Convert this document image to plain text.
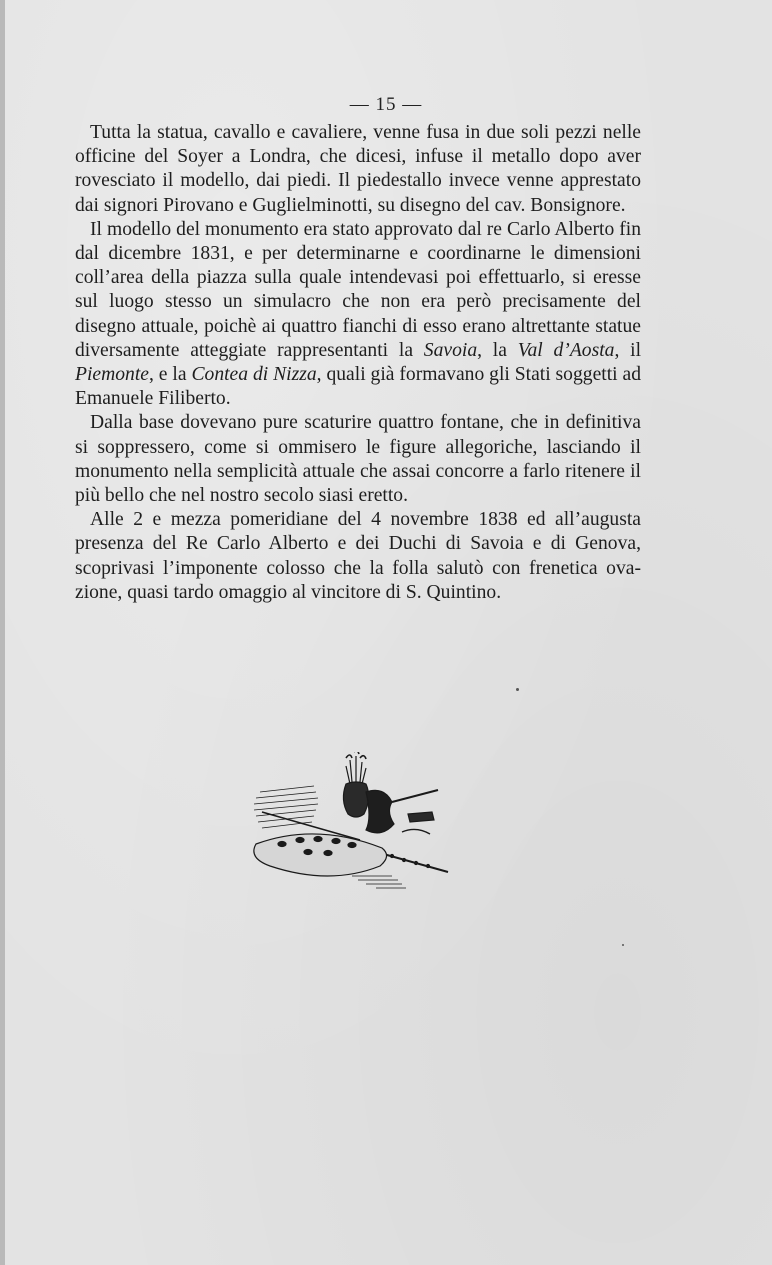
— 15 —

Tutta la statua, cavallo e cavaliere, venne fusa in due soli pezzi nelle officine del Soyer a Londra, che dicesi, infuse il metallo dopo aver rovesciato il modello, dai piedi. Il piedestallo invece venne apprestato dai signori Pirovano e Guglielminotti, su disegno del cav. Bonsignore.

Il modello del monumento era stato approvato dal re Carlo Alberto fin dal dicembre 1831, e per determinarne e coordinarne le dimensioni coll’area della piazza sulla quale intendevasi poi effettuarlo, si eresse sul luogo stesso un simulacro che non era però precisamente del disegno attuale, poichè ai quattro fianchi di esso erano altrettante statue diversamente atteggiate rappresentanti la Savoia, la Val d’Aosta, il Piemonte, e la Contea di Nizza, quali già formavano gli Stati soggetti ad Emanuele Filiberto.

Dalla base dovevano pure scaturire quattro fontane, che in definitiva si soppressero, come si ommisero le figure allegoriche, lasciando il monumento nella semplicità attuale che assai concorre a farlo ritenere il più bello che nel nostro secolo siasi eretto.

Alle 2 e mezza pomeridiane del 4 novembre 1838 ed all’augusta presenza del Re Carlo Alberto e dei Duchi di Savoia e di Genova, scoprivasi l’imponente colosso che la folla salutò con frenetica ovazione, quasi tardo omaggio al vincitore di S. Quintino.
